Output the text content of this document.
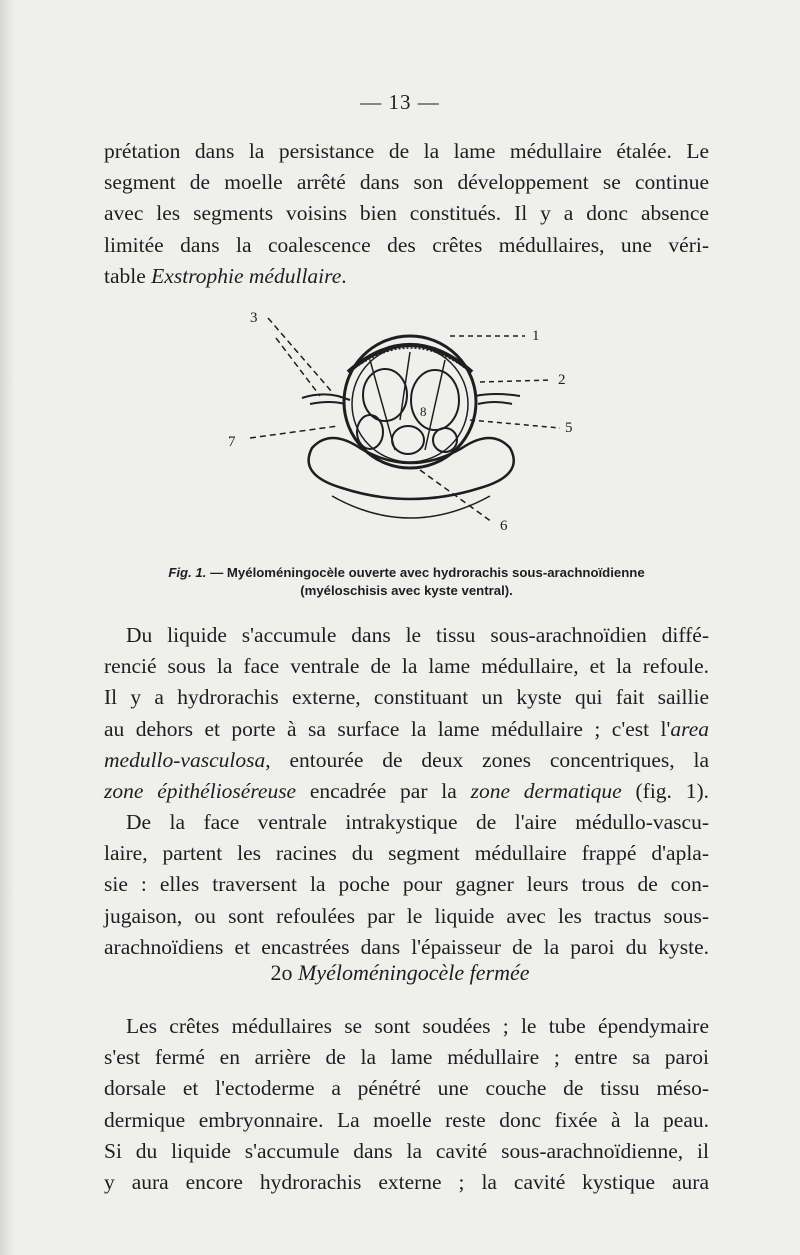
— 13 —
prétation dans la persistance de la lame médullaire étalée. Le
segment de moelle arrêté dans son développement se continue
avec les segments voisins bien constitués. Il y a donc absence
limitée dans la coalescence des crêtes médullaires, une véri-
table Exstrophie médullaire.
1
2
3
5
6
7
8
Fig. 1. — Myéloméningocèle ouverte avec hydrorachis sous-arachnoïdienne
(myéloschisis avec kyste ventral).
Du liquide s'accumule dans le tissu sous-arachnoïdien diffé-
rencié sous la face ventrale de la lame médullaire, et la refoule.
Il y a hydrorachis externe, constituant un kyste qui fait saillie
au dehors et porte à sa surface la lame médullaire ; c'est l'area
medullo-vasculosa, entourée de deux zones concentriques, la
zone épithélioséreuse encadrée par la zone dermatique (fig. 1).
De la face ventrale intrakystique de l'aire médullo-vascu-
laire, partent les racines du segment médullaire frappé d'apla-
sie : elles traversent la poche pour gagner leurs trous de con-
jugaison, ou sont refoulées par le liquide avec les tractus sous-
arachnoïdiens et encastrées dans l'épaisseur de la paroi du kyste.
2o Myéloméningocèle fermée
Les crêtes médullaires se sont soudées ; le tube épendymaire
s'est fermé en arrière de la lame médullaire ; entre sa paroi
dorsale et l'ectoderme a pénétré une couche de tissu méso-
dermique embryonnaire. La moelle reste donc fixée à la peau.
Si du liquide s'accumule dans la cavité sous-arachnoïdienne, il
y aura encore hydrorachis externe ; la cavité kystique aura
